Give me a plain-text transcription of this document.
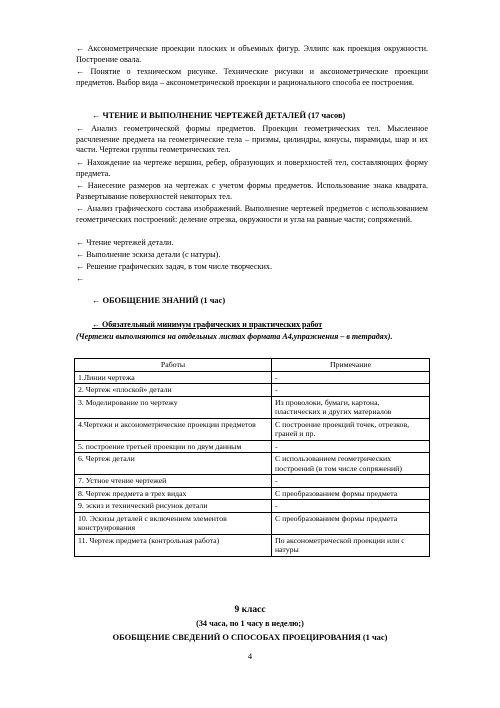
← Аксонометрические проекции плоских и объемных фигур. Эллипс как проекция окружности. Построение овала.
← Понятие о техническом рисунке. Технические рисунки и аксонометрические проекции предметов. Выбор вида – аксонометрической проекции и рационального способа ее построения.
← ЧТЕНИЕ И ВЫПОЛНЕНИЕ ЧЕРТЕЖЕЙ ДЕТАЛЕЙ (17 часов)
← Анализ геометрической формы предметов. Проекции геометрических тел. Мысленное расчленение предмета на геометрические тела – призмы, цилиндры, конусы, пирамиды, шар и их части. Чертежи группы геометрических тел.
← Нахождение на чертеже вершин, ребер, образующих и поверхностей тел, составляющих форму предмета.
← Нанесение размеров на чертежах с учетом формы предметов. Использование знака квадрата. Развертывание поверхностей некоторых тел.
← Анализ графического состава изображений. Выполнение чертежей предметов с использованием геометрических построений: деление отрезка, окружности и угла на равные части; сопряжений.
← Чтение чертежей детали.
← Выполнение эскиза детали (с натуры).
← Решение графических задач, в том числе творческих.
←
← ОБОБЩЕНИЕ ЗНАНИЙ (1 час)
← Обязательный минимум графических и практических работ
(Чертежи выполняются на отдельных листах формата А4,упражнения – в тетрадях).
Работы	Примечание
1.Линии чертежа	-
2. Чертеж «плоской» детали	-
3. Моделирование по чертежу	Из проволоки, бумаги, картона, пластических и других материалов
4.Чертежи и аксонометрические проекции предметов	С построение проекций точек, отрезков, граней и пр.
5. построение третьей проекции по двум данным	-
6. Чертеж детали	С использованием геометрических построений (в том числе сопряжений)
7. Устное чтение чертежей	-
8. Чертеж предмета в трех видах	С преобразованием формы предмета
9. эскиз и технический рисунок детали	-
10. Эскизы деталей с включением элементов конструирования	С преобразованием формы предмета
11. Чертеж предмета (контрольная работа)	По аксонометрической проекции или с натуры
9 класс
(34 часа, по 1 часу в неделю;)
ОБОБЩЕНИЕ СВЕДЕНИЙ О СПОСОБАХ ПРОЕЦИРОВАНИЯ (1 час)
4
